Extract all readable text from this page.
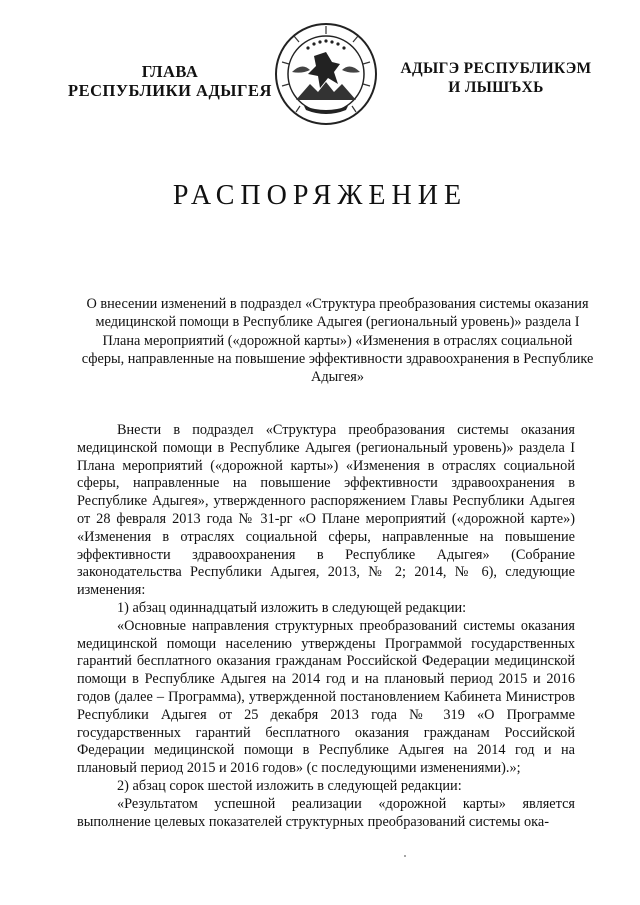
ГЛАВА
РЕСПУБЛИКИ АДЫГЕЯ
АДЫГЭ РЕСПУБЛИКЭМ
И ЛЫШЪХЬ
РАСПОРЯЖЕНИЕ
О внесении изменений в подраздел «Структура преобразования системы оказания медицинской помощи в Республике Адыгея (региональный уровень)» раздела I Плана мероприятий («дорожной карты») «Изменения в отраслях социальной сферы, направленные на повышение эффективности здравоохранения в Республике Адыгея»

Внести в подраздел «Структура преобразования системы оказания медицинской помощи в Республике Адыгея (региональный уровень)» раздела I Плана мероприятий («дорожной карты») «Изменения в отраслях социальной сферы, направленные на повышение эффективности здравоохранения в Республике Адыгея», утвержденного распоряжением Главы Республики Адыгея от 28 февраля 2013 года № 31-рг «О Плане мероприятий («дорожной карте») «Изменения в отраслях социальной сферы, направленные на повышение эффективности здравоохранения в Республике Адыгея» (Собрание законодательства Республики Адыгея, 2013, № 2; 2014, № 6), следующие изменения:

1) абзац одиннадцатый изложить в следующей редакции:

«Основные направления структурных преобразований системы оказания медицинской помощи населению утверждены Программой государственных гарантий бесплатного оказания гражданам Российской Федерации медицинской помощи в Республике Адыгея на 2014 год и на плановый период 2015 и 2016 годов (далее – Программа), утвержденной постановлением Кабинета Министров Республики Адыгея от 25 декабря 2013 года № 319 «О Программе государственных гарантий бесплатного оказания гражданам Российской Федерации медицинской помощи в Республике Адыгея на 2014 год и на плановый период 2015 и 2016 годов» (с последующими изменениями).»;

2) абзац сорок шестой изложить в следующей редакции:

«Результатом успешной реализации «дорожной карты» является выполнение целевых показателей структурных преобразований системы ока-
